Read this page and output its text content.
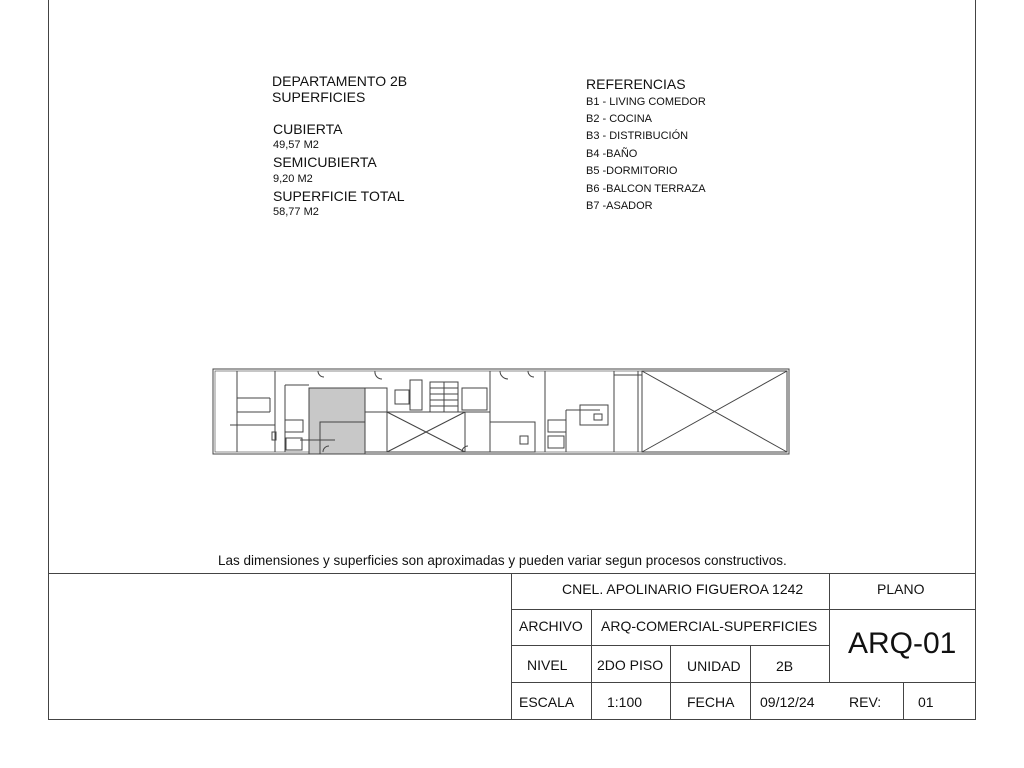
DEPARTAMENTO 2B
SUPERFICIES
CUBIERTA
49,57 M2
SEMICUBIERTA
9,20 M2
SUPERFICIE TOTAL
58,77 M2
REFERENCIAS
B1 - LIVING COMEDOR
B2 - COCINA
B3 - DISTRIBUCIÓN
B4 -BAÑO
B5 -DORMITORIO
B6 -BALCON TERRAZA
B7 -ASADOR
Las dimensiones y superficies son aproximadas y pueden variar segun procesos constructivos.
CNEL. APOLINARIO FIGUEROA 1242	PLANO
ARQ-01
ARCHIVO ARQ-COMERCIAL-SUPERFICIES
NIVEL 2DO PISO UNIDAD	2B
ESCALA 1:100	FECHA 09/12/24 REV:	01
